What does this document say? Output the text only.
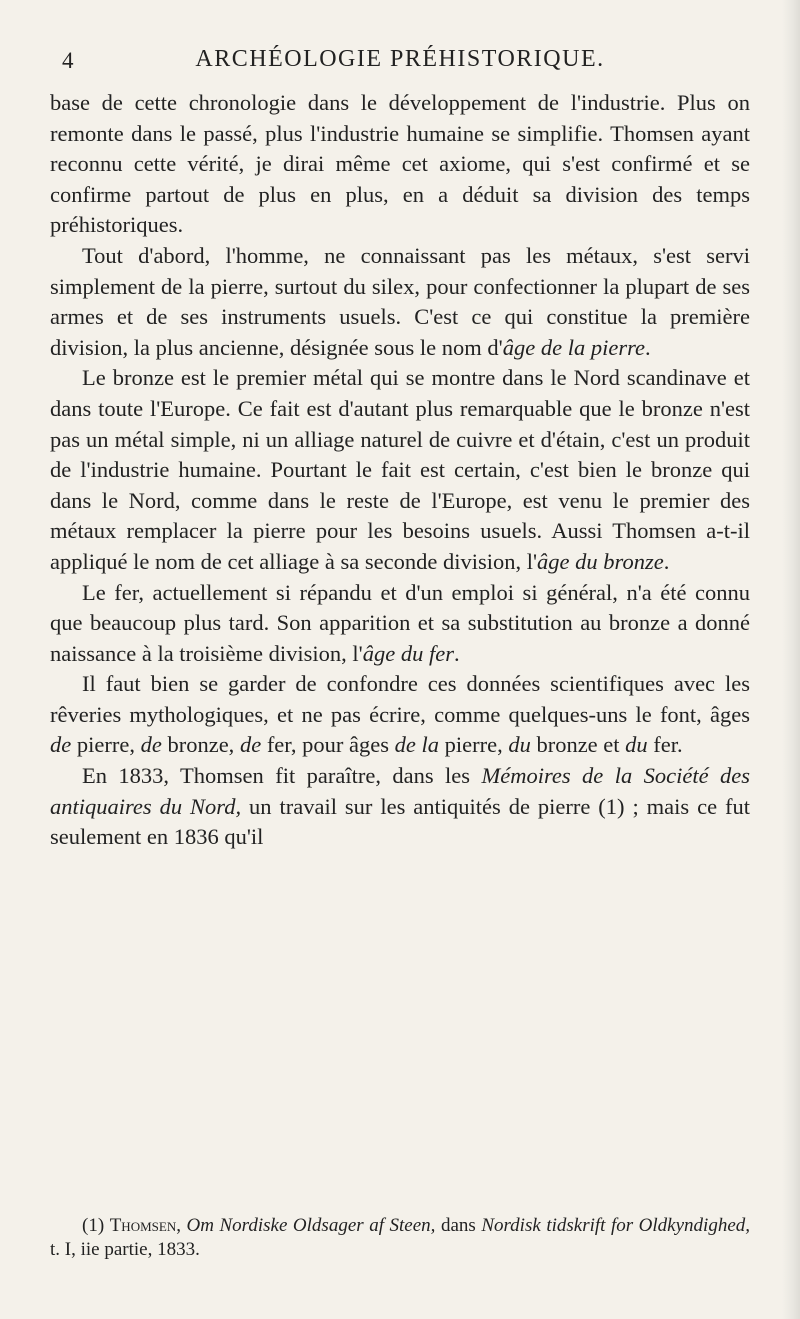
4	ARCHÉOLOGIE PRÉHISTORIQUE.

base de cette chronologie dans le développement de l'industrie. Plus on remonte dans le passé, plus l'industrie humaine se simplifie. Thomsen ayant reconnu cette vérité, je dirai même cet axiome, qui s'est confirmé et se confirme partout de plus en plus, en a déduit sa division des temps préhistoriques.

Tout d'abord, l'homme, ne connaissant pas les métaux, s'est servi simplement de la pierre, surtout du silex, pour confectionner la plupart de ses armes et de ses instruments usuels. C'est ce qui constitue la première division, la plus ancienne, désignée sous le nom d'âge de la pierre.

Le bronze est le premier métal qui se montre dans le Nord scandinave et dans toute l'Europe. Ce fait est d'autant plus remarquable que le bronze n'est pas un métal simple, ni un alliage naturel de cuivre et d'étain, c'est un produit de l'industrie humaine. Pourtant le fait est certain, c'est bien le bronze qui dans le Nord, comme dans le reste de l'Europe, est venu le premier des métaux remplacer la pierre pour les besoins usuels. Aussi Thomsen a-t-il appliqué le nom de cet alliage à sa seconde division, l'âge du bronze.

Le fer, actuellement si répandu et d'un emploi si général, n'a été connu que beaucoup plus tard. Son apparition et sa substitution au bronze a donné naissance à la troisième division, l'âge du fer.

Il faut bien se garder de confondre ces données scientifiques avec les rêveries mythologiques, et ne pas écrire, comme quelques-uns le font, âges de pierre, de bronze, de fer, pour âges de la pierre, du bronze et du fer.

En 1833, Thomsen fit paraître, dans les Mémoires de la Société des antiquaires du Nord, un travail sur les antiquités de pierre (1) ; mais ce fut seulement en 1836 qu'il

(1) Thomsen, Om Nordiske Oldsager af Steen, dans Nordisk tidskrift for Oldkyndighed, t. I, iie partie, 1833.
